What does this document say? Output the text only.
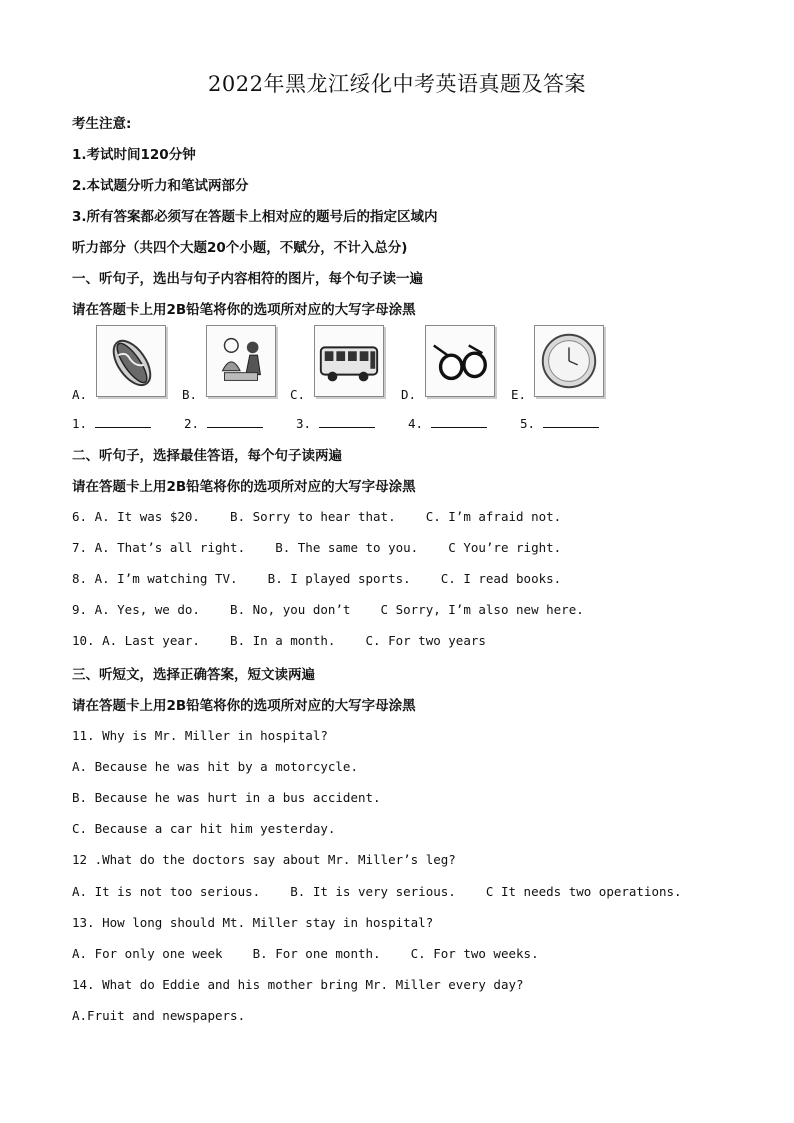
2022年黑龙江绥化中考英语真题及答案
考生注意:
1.考试时间120分钟
2.本试题分听力和笔试两部分
3.所有答案都必须写在答题卡上相对应的题号后的指定区域内
听力部分（共四个大题20个小题，不赋分，不计入总分)
一、听句子，选出与句子内容相符的图片，每个句子读一遍
请在答题卡上用2B铅笔将你的选项所对应的大写字母涂黑
A.	B.	C.	D.	E.
1.	2.	3.	4.	5.
二、听句子，选择最佳答语，每个句子读两遍
请在答题卡上用2B铅笔将你的选项所对应的大写字母涂黑
6. A. It was $20.    B. Sorry to hear that.    C. I’m afraid not.
7. A. That’s all right.    B. The same to you.    C You’re right.
8. A. I’m watching TV.    B. I played sports.    C. I read books.
9. A. Yes, we do.    B. No, you don’t    C Sorry, I’m also new here.
10. A. Last year.    B. In a month.    C. For two years
三、听短文，选择正确答案，短文读两遍
请在答题卡上用2B铅笔将你的选项所对应的大写字母涂黑
11. Why is Mr. Miller in hospital?
A. Because he was hit by a motorcycle.
B. Because he was hurt in a bus accident.
C. Because a car hit him yesterday.
12 .What do the doctors say about Mr. Miller’s leg?
A. It is not too serious.    B. It is very serious.    C It needs two operations.
13. How long should Mt. Miller stay in hospital?
A. For only one week    B. For one month.    C. For two weeks.
14. What do Eddie and his mother bring Mr. Miller every day?
A.Fruit and newspapers.
